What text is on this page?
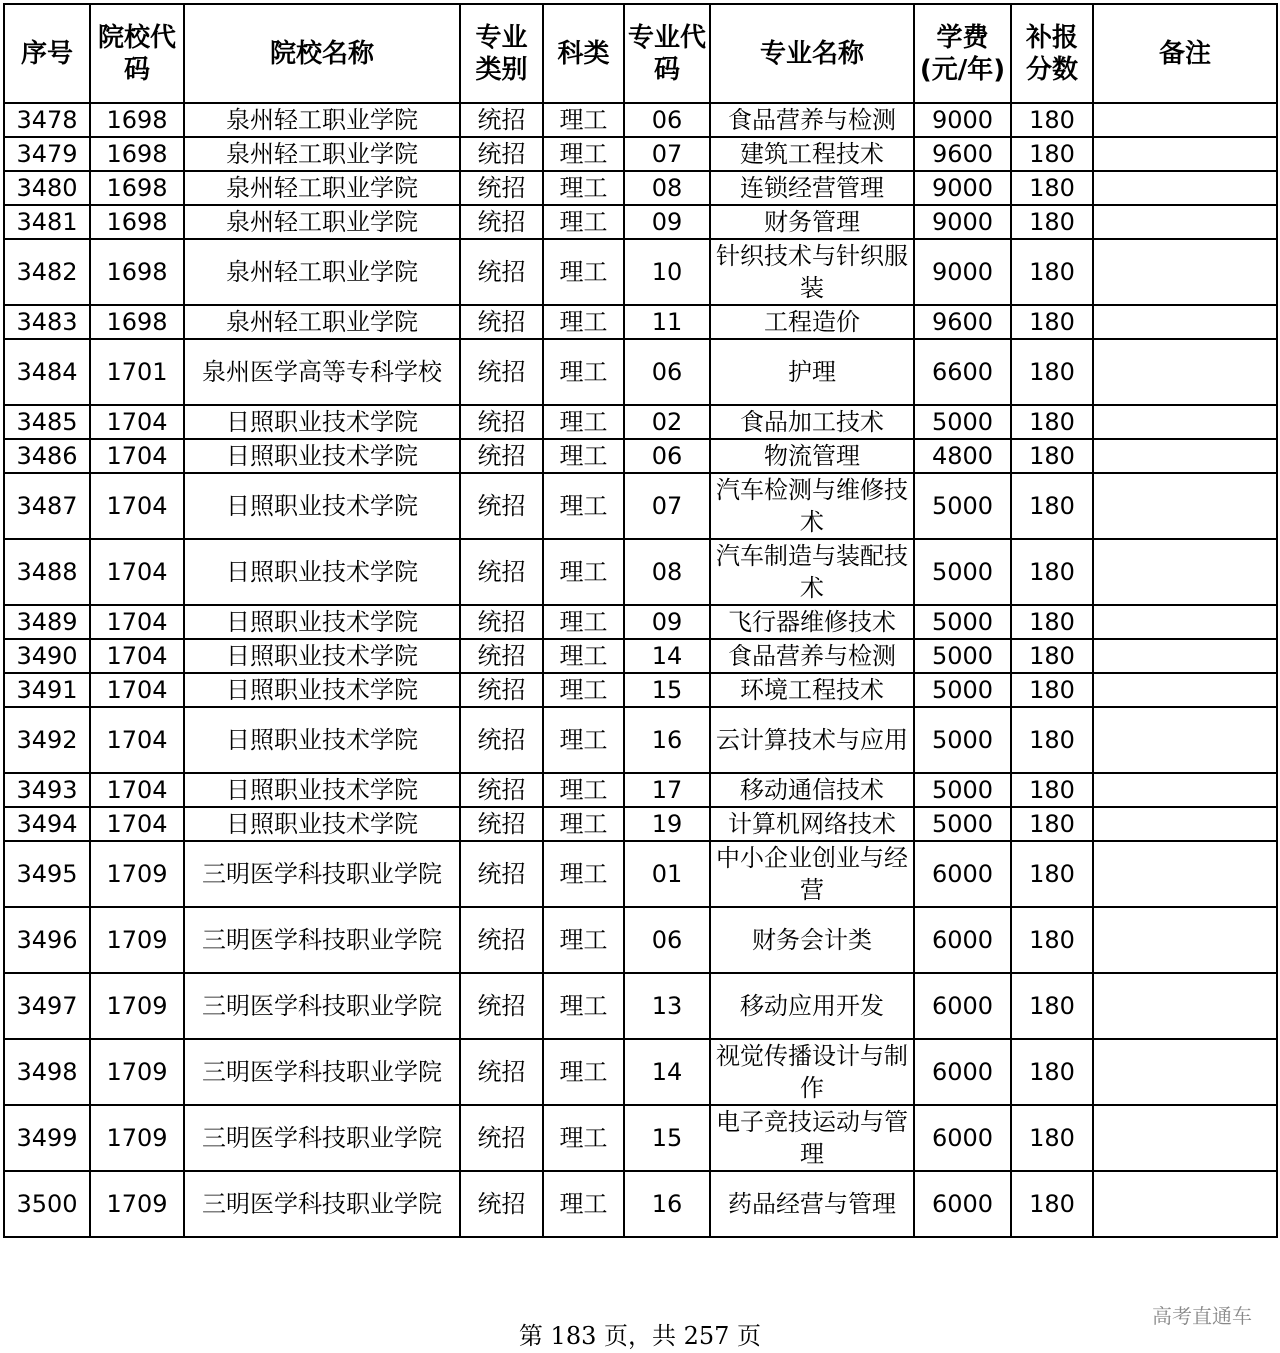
序号	院校代码	院校名称	专业类别	科类	专业代码	专业名称	学费(元/年)	补报分数	备注
3478	1698	泉州轻工职业学院	统招	理工	06	食品营养与检测	9000	180	
3479	1698	泉州轻工职业学院	统招	理工	07	建筑工程技术	9600	180	
3480	1698	泉州轻工职业学院	统招	理工	08	连锁经营管理	9000	180	
3481	1698	泉州轻工职业学院	统招	理工	09	财务管理	9000	180	
3482	1698	泉州轻工职业学院	统招	理工	10	针织技术与针织服装	9000	180	
3483	1698	泉州轻工职业学院	统招	理工	11	工程造价	9600	180	
3484	1701	泉州医学高等专科学校	统招	理工	06	护理	6600	180	
3485	1704	日照职业技术学院	统招	理工	02	食品加工技术	5000	180	
3486	1704	日照职业技术学院	统招	理工	06	物流管理	4800	180	
3487	1704	日照职业技术学院	统招	理工	07	汽车检测与维修技术	5000	180	
3488	1704	日照职业技术学院	统招	理工	08	汽车制造与装配技术	5000	180	
3489	1704	日照职业技术学院	统招	理工	09	飞行器维修技术	5000	180	
3490	1704	日照职业技术学院	统招	理工	14	食品营养与检测	5000	180	
3491	1704	日照职业技术学院	统招	理工	15	环境工程技术	5000	180	
3492	1704	日照职业技术学院	统招	理工	16	云计算技术与应用	5000	180	
3493	1704	日照职业技术学院	统招	理工	17	移动通信技术	5000	180	
3494	1704	日照职业技术学院	统招	理工	19	计算机网络技术	5000	180	
3495	1709	三明医学科技职业学院	统招	理工	01	中小企业创业与经营	6000	180	
3496	1709	三明医学科技职业学院	统招	理工	06	财务会计类	6000	180	
3497	1709	三明医学科技职业学院	统招	理工	13	移动应用开发	6000	180	
3498	1709	三明医学科技职业学院	统招	理工	14	视觉传播设计与制作	6000	180	
3499	1709	三明医学科技职业学院	统招	理工	15	电子竞技运动与管理	6000	180	
3500	1709	三明医学科技职业学院	统招	理工	16	药品经营与管理	6000	180	
第 183 页，共 257 页
高考直通车
